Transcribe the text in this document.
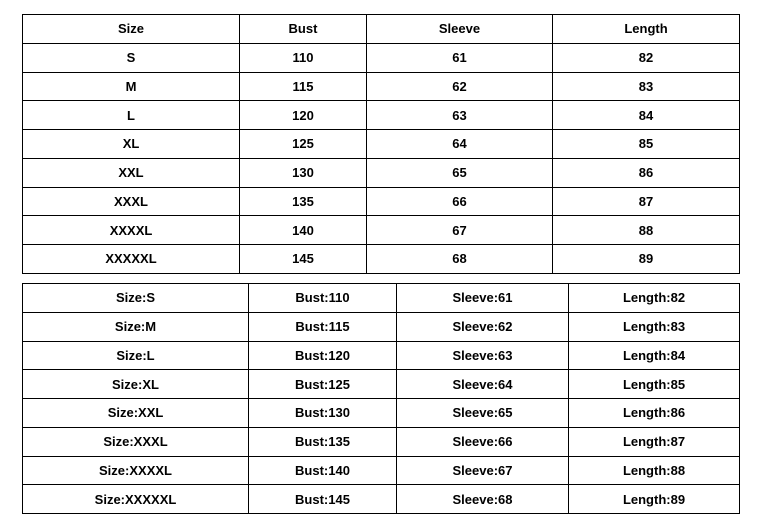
Size	Bust	Sleeve	Length
S	110	61	82
M	115	62	83
L	120	63	84
XL	125	64	85
XXL	130	65	86
XXXL	135	66	87
XXXXL	140	67	88
XXXXXL	145	68	89
Size:S	Bust:110	Sleeve:61	Length:82
Size:M	Bust:115	Sleeve:62	Length:83
Size:L	Bust:120	Sleeve:63	Length:84
Size:XL	Bust:125	Sleeve:64	Length:85
Size:XXL	Bust:130	Sleeve:65	Length:86
Size:XXXL	Bust:135	Sleeve:66	Length:87
Size:XXXXL	Bust:140	Sleeve:67	Length:88
Size:XXXXXL	Bust:145	Sleeve:68	Length:89
